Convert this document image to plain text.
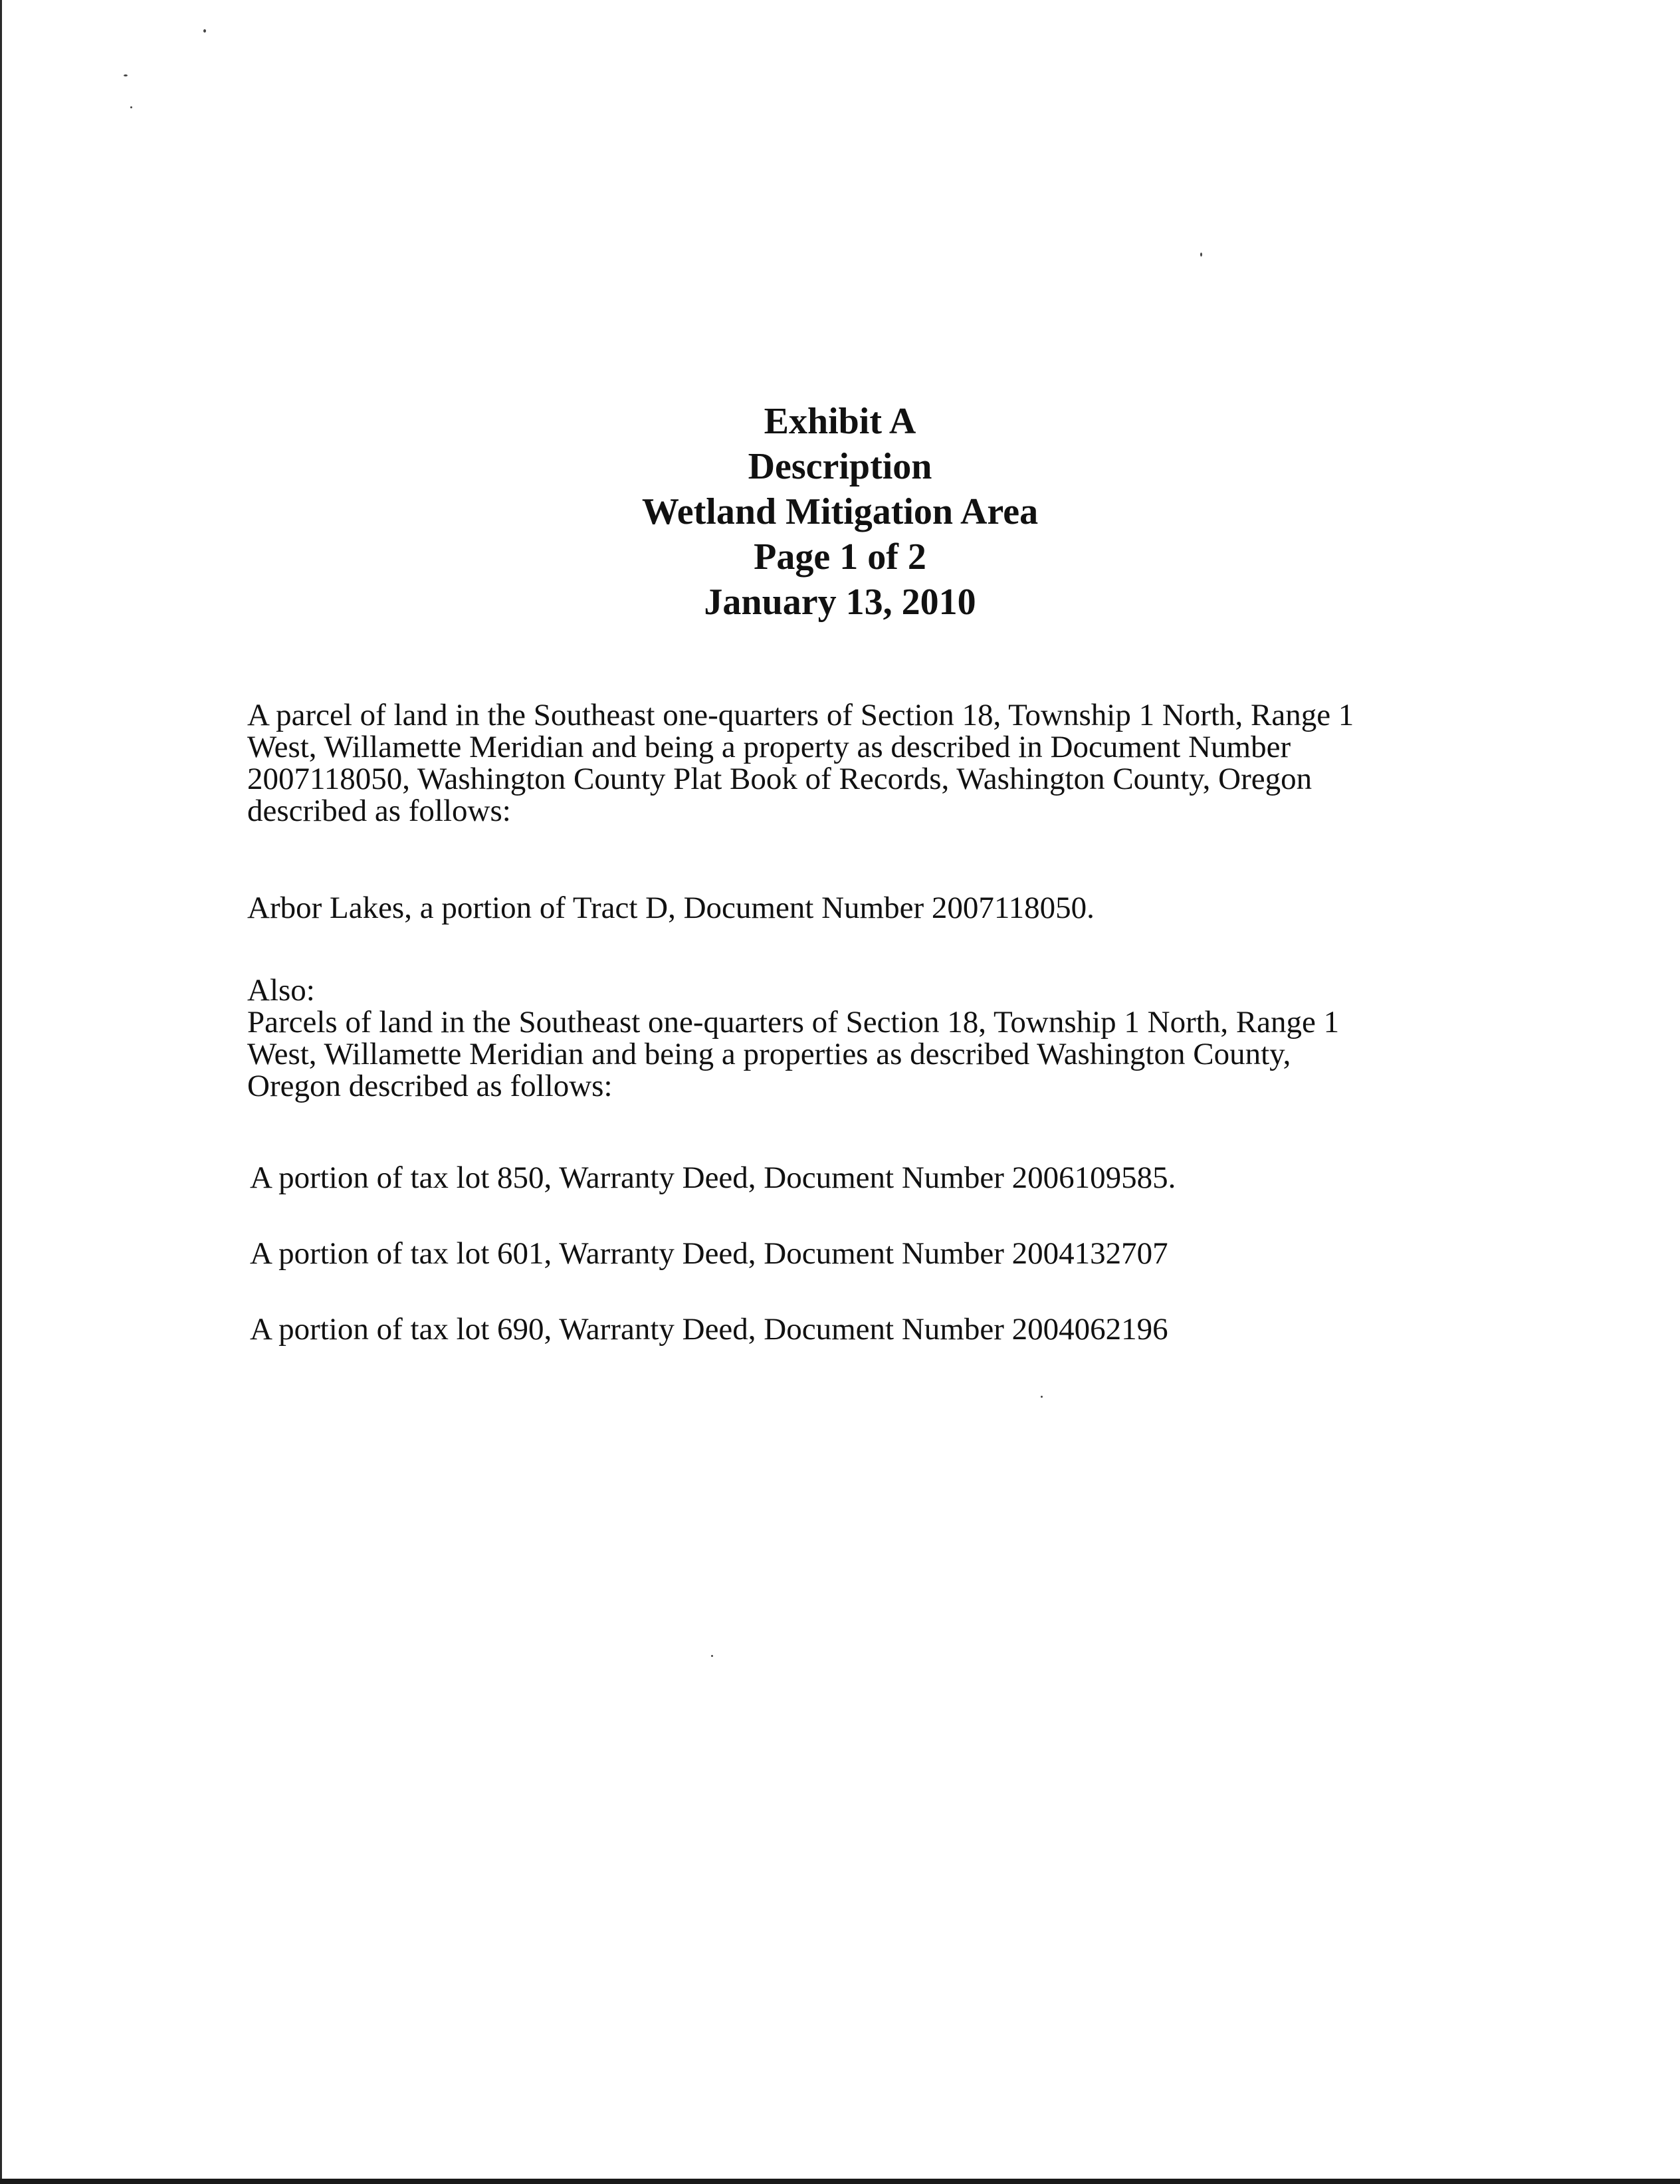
Exhibit A
Description
Wetland Mitigation Area
Page 1 of 2
January 13, 2010

A parcel of land in the Southeast one-quarters of Section 18, Township 1 North, Range 1
West, Willamette Meridian and being a property as described in Document Number
2007118050, Washington County Plat Book of Records, Washington County, Oregon
described as follows:

Arbor Lakes, a portion of Tract D, Document Number 2007118050.

Also:
Parcels of land in the Southeast one-quarters of Section 18, Township 1 North, Range 1
West, Willamette Meridian and being a properties as described Washington County,
Oregon described as follows:

A portion of tax lot 850, Warranty Deed, Document Number 2006109585.

A portion of tax lot 601, Warranty Deed, Document Number 2004132707

A portion of tax lot 690, Warranty Deed, Document Number 2004062196
